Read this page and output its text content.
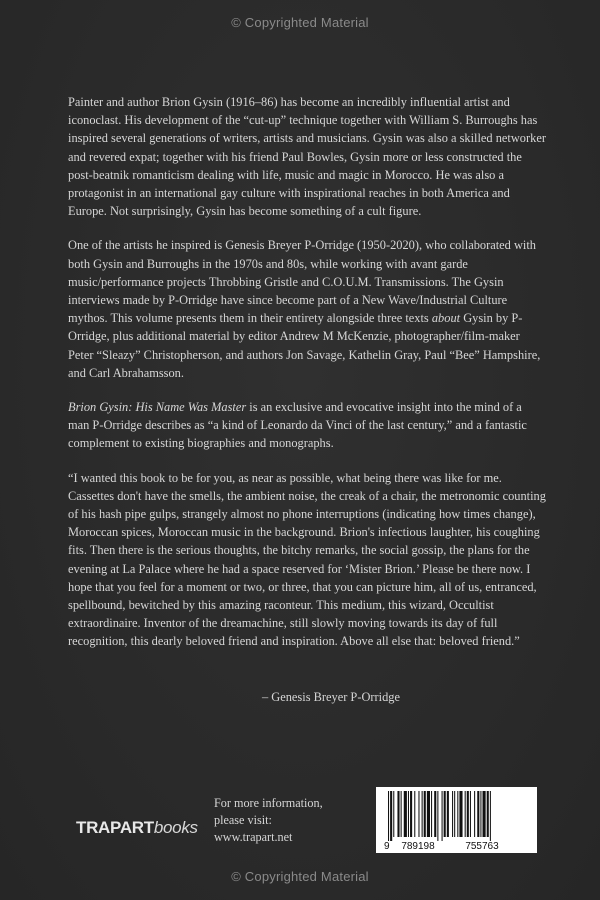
© Copyrighted Material

Painter and author Brion Gysin (1916–86) has become an incredibly influential artist and iconoclast. His development of the “cut-up” technique together with William S. Burroughs has inspired several generations of writers, artists and musicians. Gysin was also a skilled networker and revered expat; together with his friend Paul Bowles, Gysin more or less constructed the post-beatnik romanticism dealing with life, music and magic in Morocco. He was also a protagonist in an international gay culture with inspirational reaches in both America and Europe. Not surprisingly, Gysin has become something of a cult figure.

One of the artists he inspired is Genesis Breyer P-Orridge (1950-2020), who collaborated with both Gysin and Burroughs in the 1970s and 80s, while working with avant garde music/performance projects Throbbing Gristle and C.O.U.M. Transmissions. The Gysin interviews made by P-Orridge have since become part of a New Wave/Industrial Culture mythos. This volume presents them in their entirety alongside three texts about Gysin by P-Orridge, plus additional material by editor Andrew M McKenzie, photographer/film-maker Peter “Sleazy” Christopherson, and authors Jon Savage, Kathelin Gray, Paul “Bee” Hampshire, and Carl Abrahamsson.

Brion Gysin: His Name Was Master is an exclusive and evocative insight into the mind of a man P-Orridge describes as “a kind of Leonardo da Vinci of the last century,” and a fantastic complement to existing biographies and monographs.

“I wanted this book to be for you, as near as possible, what being there was like for me. Cassettes don't have the smells, the ambient noise, the creak of a chair, the metronomic counting of his hash pipe gulps, strangely almost no phone interruptions (indicating how times change), Moroccan spices, Moroccan music in the background. Brion's infectious laughter, his coughing fits. Then there is the serious thoughts, the bitchy remarks, the social gossip, the plans for the evening at La Palace where he had a space reserved for ‘Mister Brion.’ Please be there now. I hope that you feel for a moment or two, or three, that you can picture him, all of us, entranced, spellbound, bewitched by this amazing raconteur. This medium, this wizard, Occultist extraordinaire. Inventor of the dreamachine, still slowly moving towards its day of full recognition, this dearly beloved friend and inspiration. Above all else that: beloved friend.”

– Genesis Breyer P-Orridge
TRAPARTbooks
For more information,
please visit:
www.trapart.net
9 789198	755763
© Copyrighted Material
